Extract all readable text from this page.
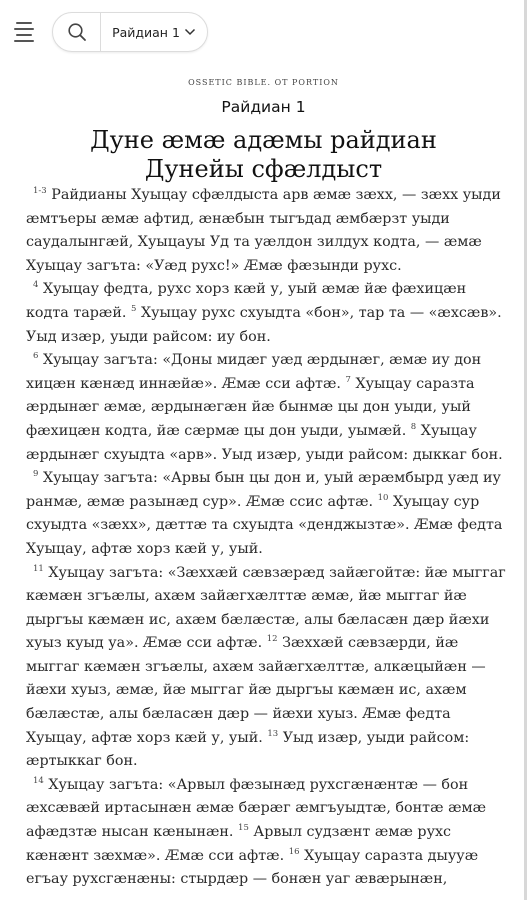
Райдиан 1
OSSETIC BIBLE. OT PORTION
Райдиан 1
Дуне æмæ адæмы райдиан
Дунейы сфæлдыст

$^{1-3}$ Райдианы Хуыцау сфæлдыста арв æмæ зæхх, — зæхх уыди æмтъеры æмæ афтид, æнæбын тыгъдад æмбæрзт уыди саудалынгæй, Хуыцауы Уд та уæлдон зилдух кодта, — æмæ Хуыцау загъта: «Уæд рухс!» Æмæ фæзынди рухс.

$^4$ Хуыцау федта, рухс хорз кæй у, уый æмæ йæ фæхицæн кодта тарæй. $^5$ Хуыцау рухс схуыдта «бон», тар та — «æхсæв». Уыд изæр, уыди райсом: иу бон.

$^6$ Хуыцау загъта: «Доны мидæг уæд æрдынæг, æмæ иу дон хицæн кæнæд иннæйæ». Æмæ сси афтæ. $^7$ Хуыцау саразта æрдынæг æмæ, æрдынæгæн йæ бынмæ цы дон уыди, уый фæхицæн кодта, йæ сæрмæ цы дон уыди, уымæй. $^8$ Хуыцау æрдынæг схуыдта «арв». Уыд изæр, уыди райсом: дыккаг бон.

$^9$ Хуыцау загъта: «Арвы бын цы дон и, уый æрæмбырд уæд иу ранмæ, æмæ разынæд сур». Æмæ ссис афтæ. $^{10}$ Хуыцау сур схуыдта «зæхх», дæттæ та схуыдта «денджызтæ». Æмæ федта Хуыцау, афтæ хорз кæй у, уый.

$^{11}$ Хуыцау загъта: «Зæххæй сæвзæрæд зайæгойтæ: йæ мыггаг кæмæн згъæлы, ахæм зайæгхæлттæ æмæ, йæ мыггаг йæ дыргъы кæмæн ис, ахæм бæлæстæ, алы бæласæн дæр йæхи хуыз куыд уа». Æмæ сси афтæ. $^{12}$ Зæххæй сæвзæрди, йæ мыггаг кæмæн згъæлы, ахæм зайæгхæлттæ, алкæцыйæн — йæхи хуыз, æмæ, йæ мыггаг йæ дыргъы кæмæн ис, ахæм бæлæстæ, алы бæласæн дæр — йæхи хуыз. Æмæ федта Хуыцау, афтæ хорз кæй у, уый. $^{13}$ Уыд изæр, уыди райсом: æртыккаг бон.

$^{14}$ Хуыцау загъта: «Арвыл фæзынæд рухсгæнæнтæ — бон æхсæвæй иртасынæн æмæ бæрæг æмгъуыдтæ, бонтæ æмæ афæдзтæ нысан кæнынæн. $^{15}$ Арвыл судзæнт æмæ рухс кæнæнт зæхмæ». Æмæ сси афтæ. $^{16}$ Хуыцау саразта дыууæ егъау рухсгæнæны: стырдæр — бонæн уаг æвæрынæн,
